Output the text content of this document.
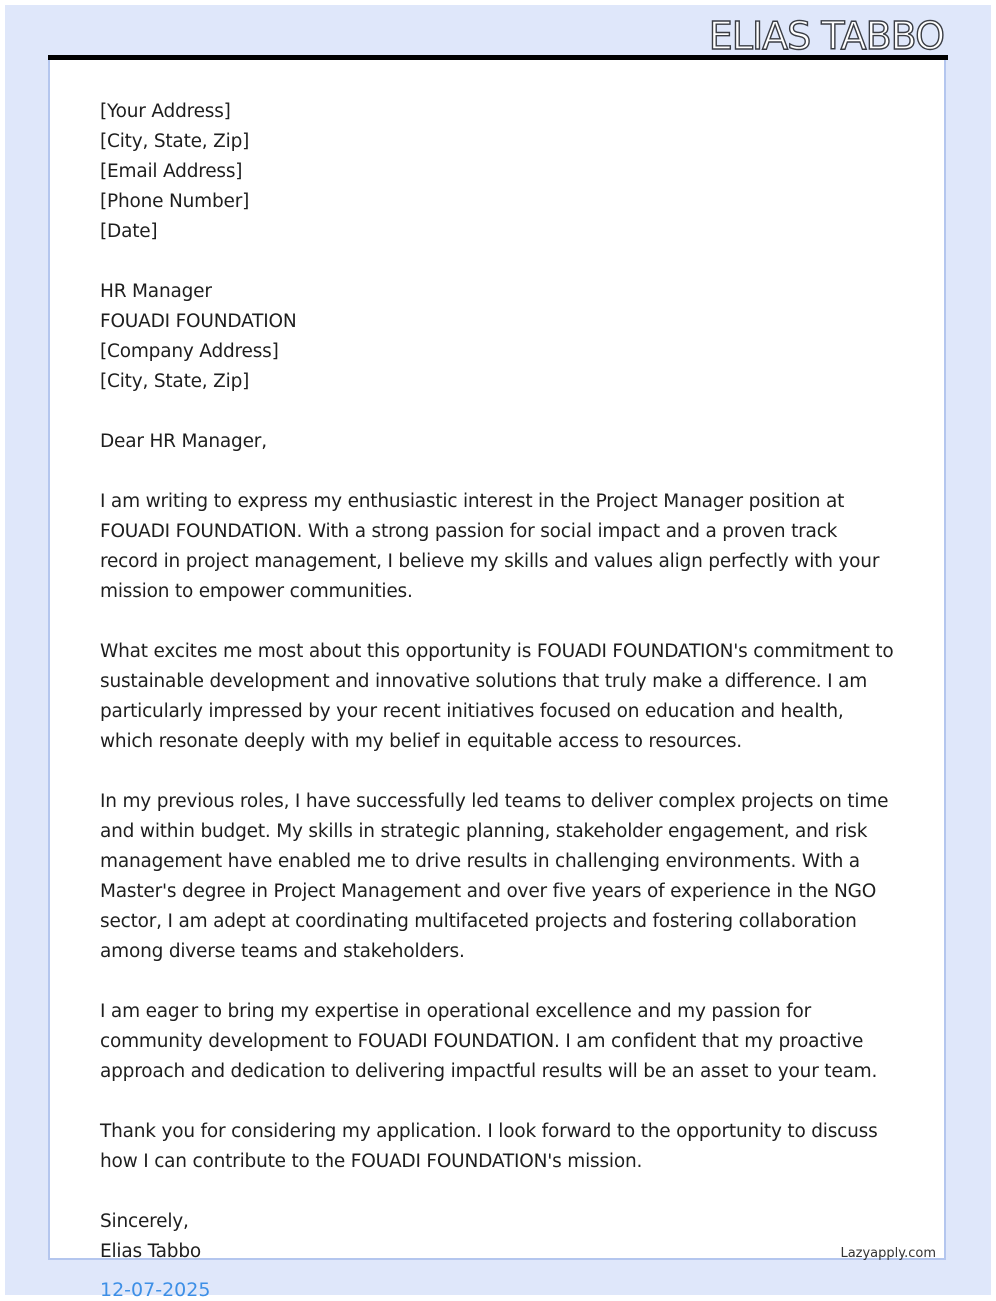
ELIAS TABBO
[Your Address]
[City, State, Zip]
[Email Address]
[Phone Number]
[Date]
HR Manager
FOUADI FOUNDATION
[Company Address]
[City, State, Zip]
Dear HR Manager,
I am writing to express my enthusiastic interest in the Project Manager position at FOUADI FOUNDATION. With a strong passion for social impact and a proven track record in project management, I believe my skills and values align perfectly with your mission to empower communities.
What excites me most about this opportunity is FOUADI FOUNDATION's commitment to sustainable development and innovative solutions that truly make a difference. I am particularly impressed by your recent initiatives focused on education and health, which resonate deeply with my belief in equitable access to resources.
In my previous roles, I have successfully led teams to deliver complex projects on time and within budget. My skills in strategic planning, stakeholder engagement, and risk management have enabled me to drive results in challenging environments. With a Master's degree in Project Management and over five years of experience in the NGO sector, I am adept at coordinating multifaceted projects and fostering collaboration among diverse teams and stakeholders.
I am eager to bring my expertise in operational excellence and my passion for community development to FOUADI FOUNDATION. I am confident that my proactive approach and dedication to delivering impactful results will be an asset to your team.
Thank you for considering my application. I look forward to the opportunity to discuss how I can contribute to the FOUADI FOUNDATION's mission.
Sincerely,
Elias Tabbo	Lazyapply.com
12-07-2025
